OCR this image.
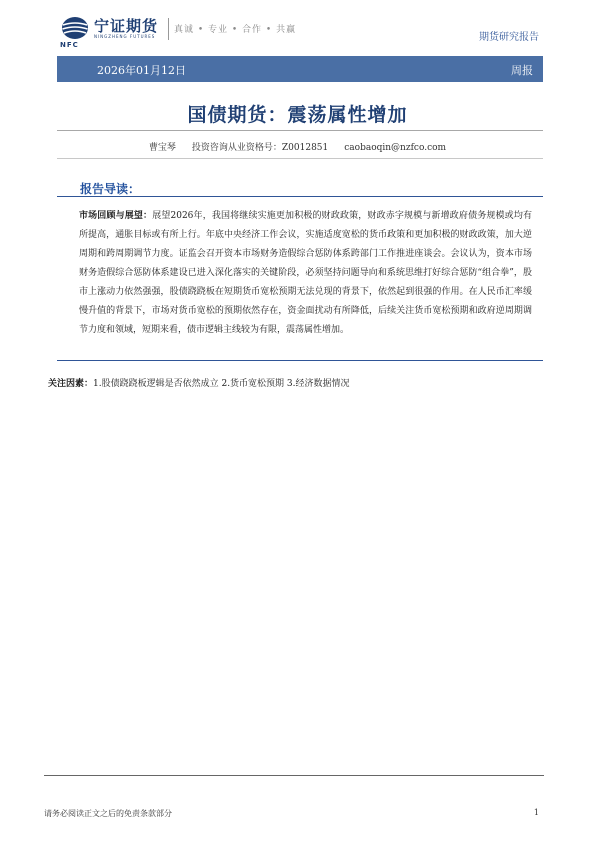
宁证期货
NINGZHENG FUTURES
NFC
真诚 • 专业 • 合作 • 共赢
期货研究报告
2026年01月12日	周报
国债期货：震荡属性增加
曹宝琴 投资咨询从业资格号：Z0012851 caobaoqin@nzfco.com
报告导读：
市场回顾与展望：展望2026年，我国将继续实施更加积极的财政政策，财政赤字规模与新增政府债务规模或均有所提高，通胀目标或有所上行。年底中央经济工作会议，实施适度宽松的货币政策和更加积极的财政政策，加大逆周期和跨周期调节力度。证监会召开资本市场财务造假综合惩防体系跨部门工作推进座谈会。会议认为，资本市场财务造假综合惩防体系建设已进入深化落实的关键阶段，必须坚持问题导向和系统思维打好综合惩防“组合拳”，股市上涨动力依然强强，股债跷跷板在短期货币宽松预期无法兑现的背景下，依然起到很强的作用。在人民币汇率缓慢升值的背景下，市场对货币宽松的预期依然存在，资金面扰动有所降低，后续关注货币宽松预期和政府逆周期调节力度和领域，短期来看，债市逻辑主线较为有限，震荡属性增加。
关注因素：1.股债跷跷板逻辑是否依然成立 2.货币宽松预期 3.经济数据情况
请务必阅读正文之后的免责条款部分	1
